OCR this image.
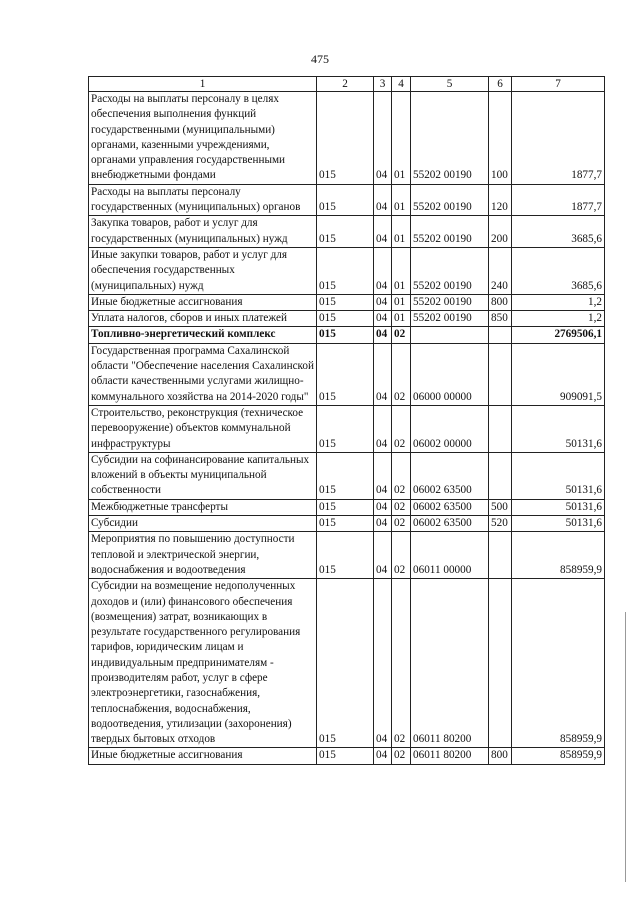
475
1	2	3	4	5	6	7
Расходы на выплаты персоналу в целях обеспечения выполнения функций государственными (муниципальными) органами, казенными учреждениями, органами управления государственными внебюджетными фондами	015	04	01	55202 00190	100	1877,7
Расходы на выплаты персоналу государственных (муниципальных) органов	015	04	01	55202 00190	120	1877,7
Закупка товаров, работ и услуг для государственных (муниципальных) нужд	015	04	01	55202 00190	200	3685,6
Иные закупки товаров, работ и услуг для обеспечения государственных (муниципальных) нужд	015	04	01	55202 00190	240	3685,6
Иные бюджетные ассигнования	015	04	01	55202 00190	800	1,2
Уплата налогов, сборов и иных платежей	015	04	01	55202 00190	850	1,2
Топливно-энергетический комплекс	015	04	02			2769506,1
Государственная программа Сахалинской области "Обеспечение населения Сахалинской области качественными услугами жилищно-коммунального хозяйства на 2014-2020 годы"	015	04	02	06000 00000		909091,5
Строительство, реконструкция (техническое перевооружение) объектов коммунальной инфраструктуры	015	04	02	06002 00000		50131,6
Субсидии на софинансирование капитальных вложений в объекты муниципальной собственности	015	04	02	06002 63500		50131,6
Межбюджетные трансферты	015	04	02	06002 63500	500	50131,6
Субсидии	015	04	02	06002 63500	520	50131,6
Мероприятия по повышению доступности тепловой и электрической энергии, водоснабжения и водоотведения	015	04	02	06011 00000		858959,9
Субсидии на возмещение недополученных доходов и (или) финансового обеспечения (возмещения) затрат, возникающих в результате государственного регулирования тарифов, юридическим лицам и индивидуальным предпринимателям - производителям работ, услуг в сфере электроэнергетики, газоснабжения, теплоснабжения, водоснабжения, водоотведения, утилизации (захоронения) твердых бытовых отходов	015	04	02	06011 80200		858959,9
Иные бюджетные ассигнования	015	04	02	06011 80200	800	858959,9
